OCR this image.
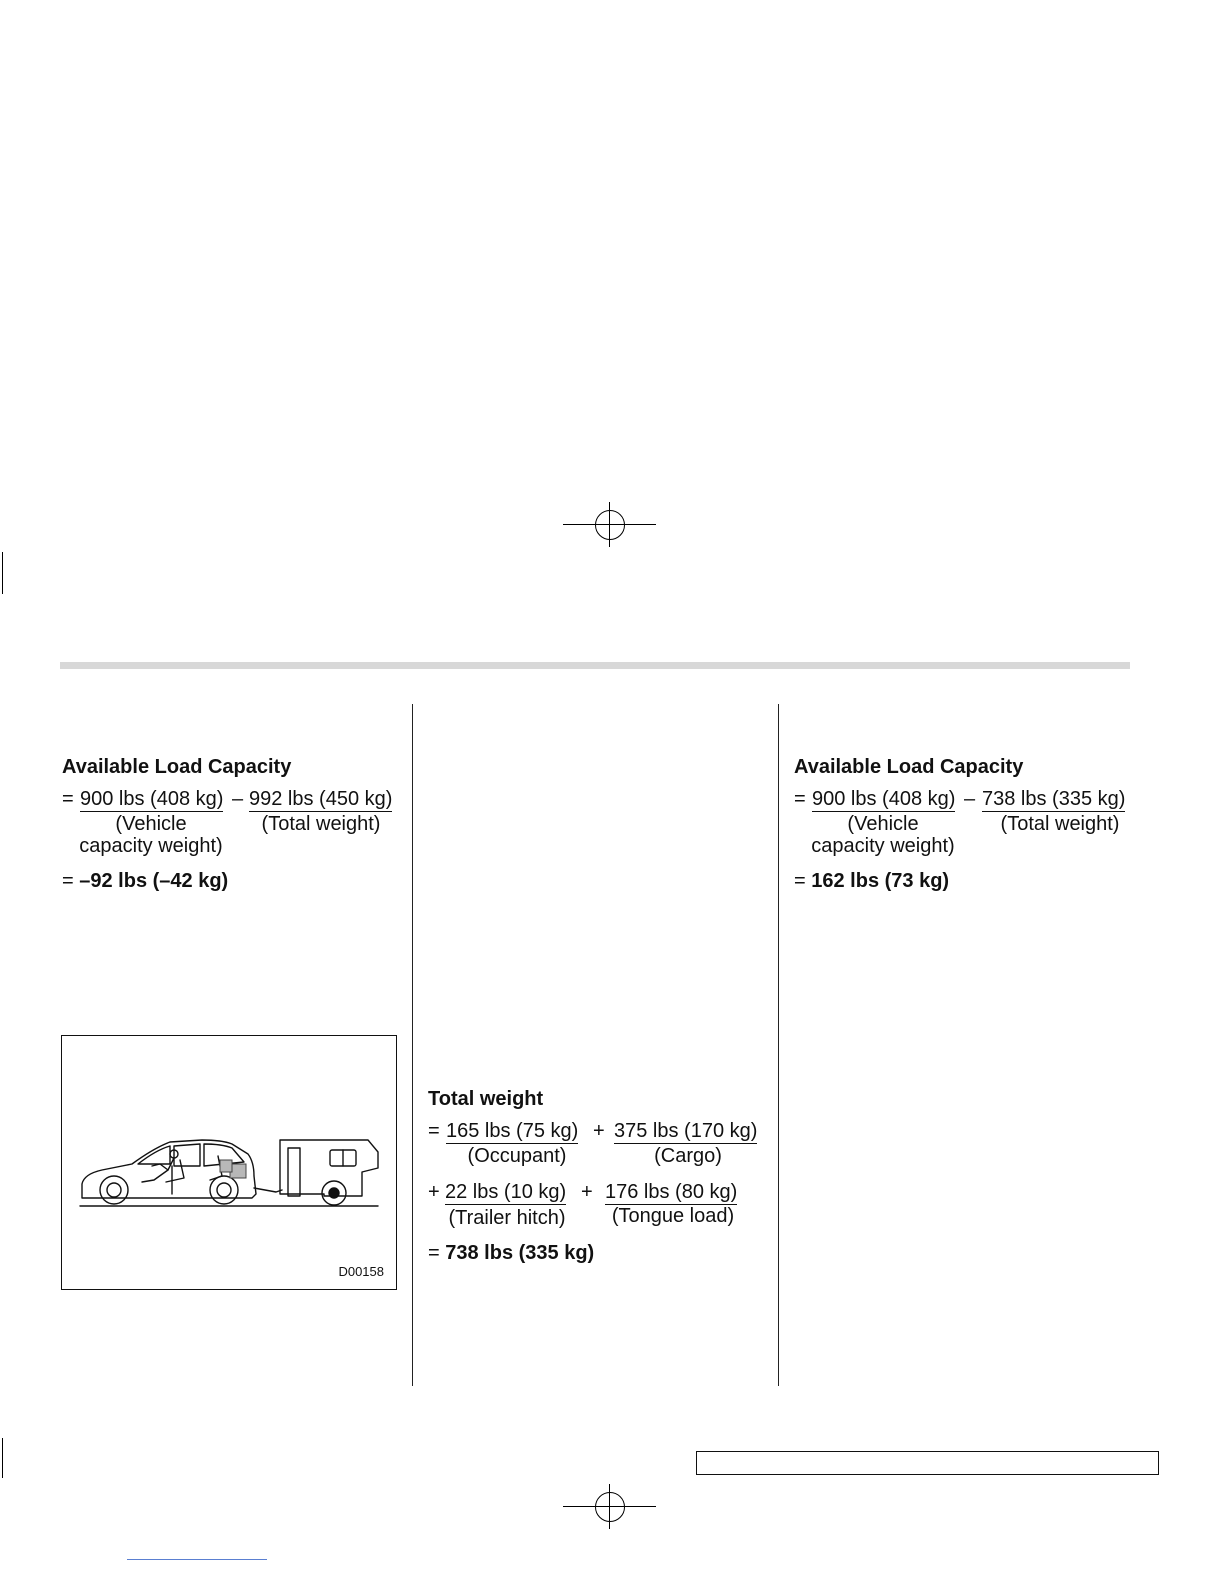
Available Load Capacity
= 900 lbs (408 kg) – 992 lbs (450 kg)
(Vehicle
capacity weight)
(Total weight)
= –92 lbs (–42 kg)
D00158
Total weight
= 165 lbs (75 kg) + 375 lbs (170 kg)
(Occupant)	(Cargo)
+ 22 lbs (10 kg) + 176 lbs (80 kg)
(Trailer hitch)	(Tongue load)
= 738 lbs (335 kg)
Available Load Capacity
= 900 lbs (408 kg) – 738 lbs (335 kg)
(Vehicle
capacity weight)
(Total weight)
= 162 lbs (73 kg)
